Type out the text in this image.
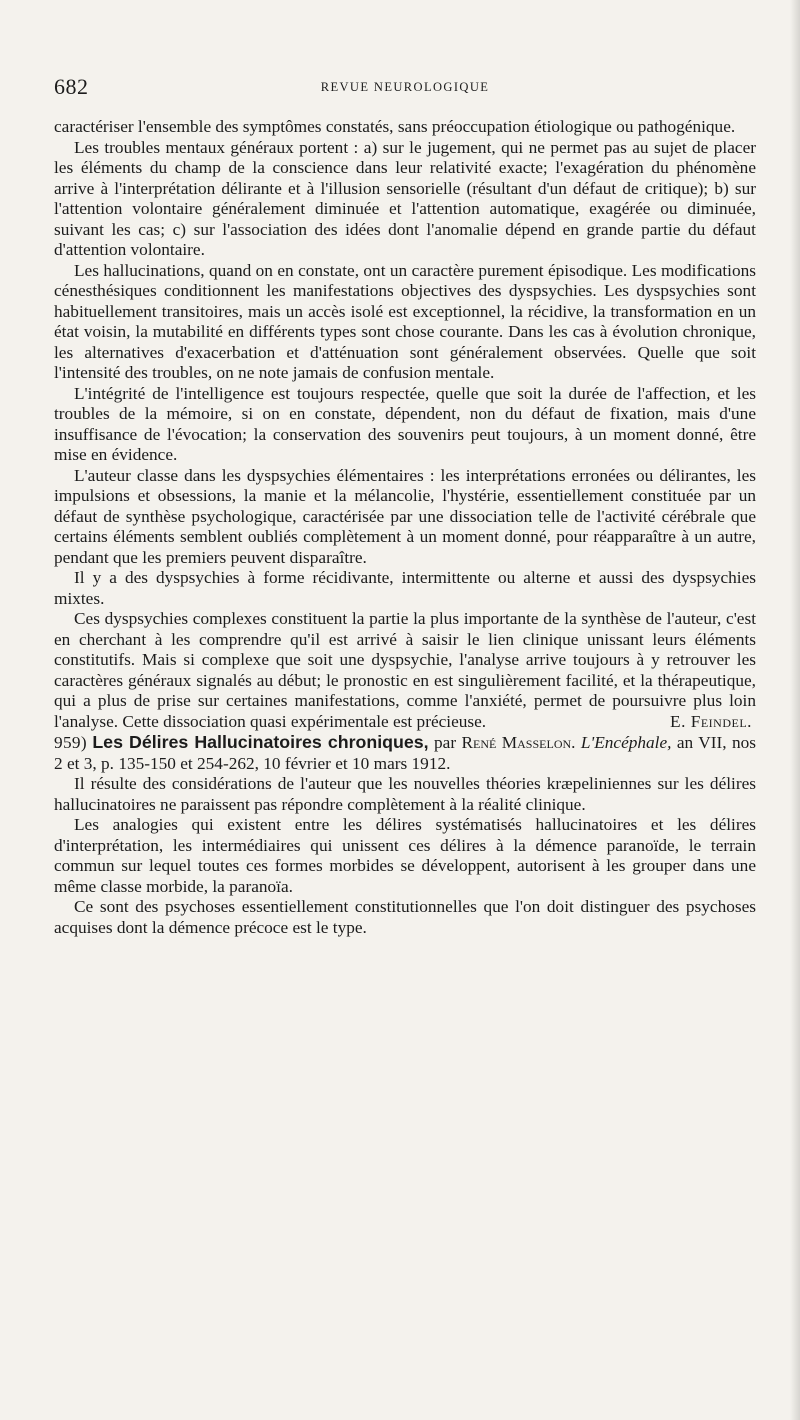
682	REVUE NEUROLOGIQUE

caractériser l'ensemble des symptômes constatés, sans préoccupation étiologique ou pathogénique.

Les troubles mentaux généraux portent : a) sur le jugement, qui ne permet pas au sujet de placer les éléments du champ de la conscience dans leur relativité exacte; l'exagération du phénomène arrive à l'interprétation délirante et à l'illusion sensorielle (résultant d'un défaut de critique); b) sur l'attention volontaire généralement diminuée et l'attention automatique, exagérée ou diminuée, suivant les cas; c) sur l'association des idées dont l'anomalie dépend en grande partie du défaut d'attention volontaire.

Les hallucinations, quand on en constate, ont un caractère purement épisodique. Les modifications cénesthésiques conditionnent les manifestations objectives des dyspsychies. Les dyspsychies sont habituellement transitoires, mais un accès isolé est exceptionnel, la récidive, la transformation en un état voisin, la mutabilité en différents types sont chose courante. Dans les cas à évolution chronique, les alternatives d'exacerbation et d'atténuation sont généralement observées. Quelle que soit l'intensité des troubles, on ne note jamais de confusion mentale.

L'intégrité de l'intelligence est toujours respectée, quelle que soit la durée de l'affection, et les troubles de la mémoire, si on en constate, dépendent, non du défaut de fixation, mais d'une insuffisance de l'évocation; la conservation des souvenirs peut toujours, à un moment donné, être mise en évidence.

L'auteur classe dans les dyspsychies élémentaires : les interprétations erronées ou délirantes, les impulsions et obsessions, la manie et la mélancolie, l'hystérie, essentiellement constituée par un défaut de synthèse psychologique, caractérisée par une dissociation telle de l'activité cérébrale que certains éléments semblent oubliés complètement à un moment donné, pour réapparaître à un autre, pendant que les premiers peuvent disparaître.

Il y a des dyspsychies à forme récidivante, intermittente ou alterne et aussi des dyspsychies mixtes.

Ces dyspsychies complexes constituent la partie la plus importante de la synthèse de l'auteur, c'est en cherchant à les comprendre qu'il est arrivé à saisir le lien clinique unissant leurs éléments constitutifs. Mais si complexe que soit une dyspsychie, l'analyse arrive toujours à y retrouver les caractères généraux signalés au début; le pronostic en est singulièrement facilité, et la thérapeutique, qui a plus de prise sur certaines manifestations, comme l'anxiété, permet de poursuivre plus loin l'analyse. Cette dissociation quasi expérimentale est précieuse.	E. Feindel.

959) Les Délires Hallucinatoires chroniques, par René Masselon. L'Encéphale, an VII, nos 2 et 3, p. 135-150 et 254-262, 10 février et 10 mars 1912.

Il résulte des considérations de l'auteur que les nouvelles théories kræpeliniennes sur les délires hallucinatoires ne paraissent pas répondre complètement à la réalité clinique.

Les analogies qui existent entre les délires systématisés hallucinatoires et les délires d'interprétation, les intermédiaires qui unissent ces délires à la démence paranoïde, le terrain commun sur lequel toutes ces formes morbides se développent, autorisent à les grouper dans une même classe morbide, la paranoïa.

Ce sont des psychoses essentiellement constitutionnelles que l'on doit distinguer des psychoses acquises dont la démence précoce est le type.
